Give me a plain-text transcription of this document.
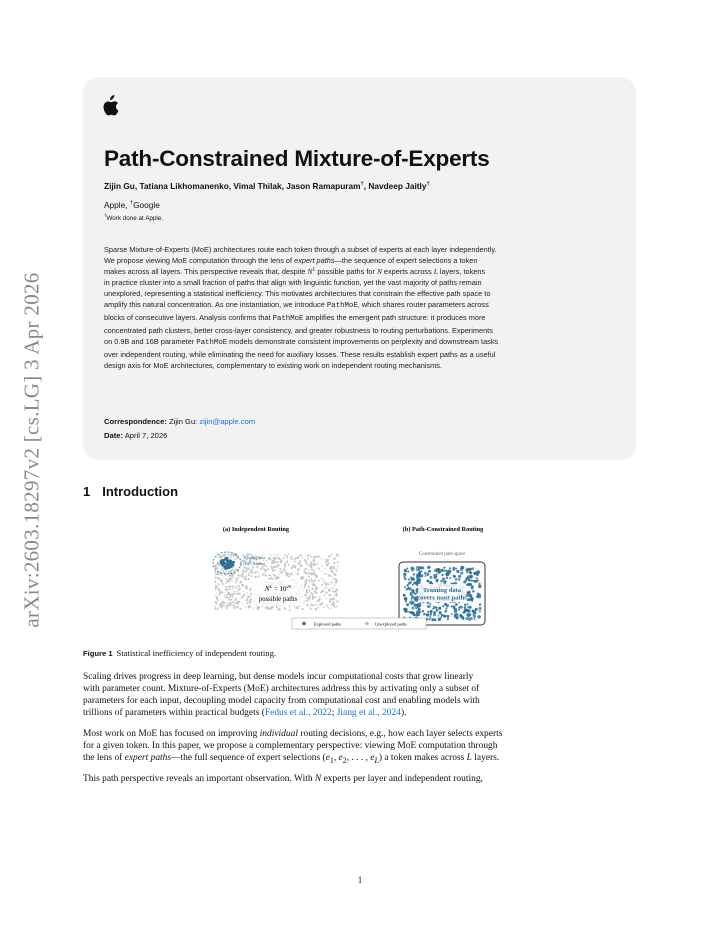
arXiv:2603.18297v2 [cs.LG] 3 Apr 2026
Path-Constrained Mixture-of-Experts
Zijin Gu, Tatiana Likhomanenko, Vimal Thilak, Jason Ramapuram†, Navdeep Jaitly†
Apple, †Google
†Work done at Apple.
Sparse Mixture-of-Experts (MoE) architectures route each token through a subset of experts at each layer independently.
We propose viewing MoE computation through the lens of expert paths—the sequence of expert selections a token
makes across all layers. This perspective reveals that, despite $N^L$ possible paths for N experts across L layers, tokens
in practice cluster into a small fraction of paths that align with linguistic function, yet the vast majority of paths remain
unexplored, representing a statistical inefficiency. This motivates architectures that constrain the effective path space to
amplify this natural concentration. As one instantiation, we introduce PathMoE, which shares router parameters across
blocks of consecutive layers. Analysis confirms that PathMoE amplifies the emergent path structure: it produces more
concentrated path clusters, better cross-layer consistency, and greater robustness to routing perturbations. Experiments
on 0.9B and 16B parameter PathMoE models demonstrate consistent improvements on perplexity and downstream tasks
over independent routing, while eliminating the need for auxiliary losses. These results establish expert paths as a useful
design axis for MoE architectures, complementary to existing work on independent routing mechanisms.
Correspondence: Zijin Gu: zijin@apple.com
Date: April 7, 2026
1 Introduction
(a) Independent Routing	(b) Path-Constrained Routing
Training data
($10^{12}$ tokens)
$N^L = 10^{29}$
possible paths
Constrained path space
Training data
covers most paths
Explored paths	Unexplored paths
Figure 1 Statistical inefficiency of independent routing.
Scaling drives progress in deep learning, but dense models incur computational costs that grow linearly
with parameter count. Mixture-of-Experts (MoE) architectures address this by activating only a subset of
parameters for each input, decoupling model capacity from computational cost and enabling models with
trillions of parameters within practical budgets (Fedus et al., 2022; Jiang et al., 2024).
Most work on MoE has focused on improving individual routing decisions, e.g., how each layer selects experts
for a given token. In this paper, we propose a complementary perspective: viewing MoE computation through
the lens of expert paths—the full sequence of expert selections ($e_1$, $e_2$, . . . , $e_L$) a token makes across L layers.
This path perspective reveals an important observation. With N experts per layer and independent routing,
1
